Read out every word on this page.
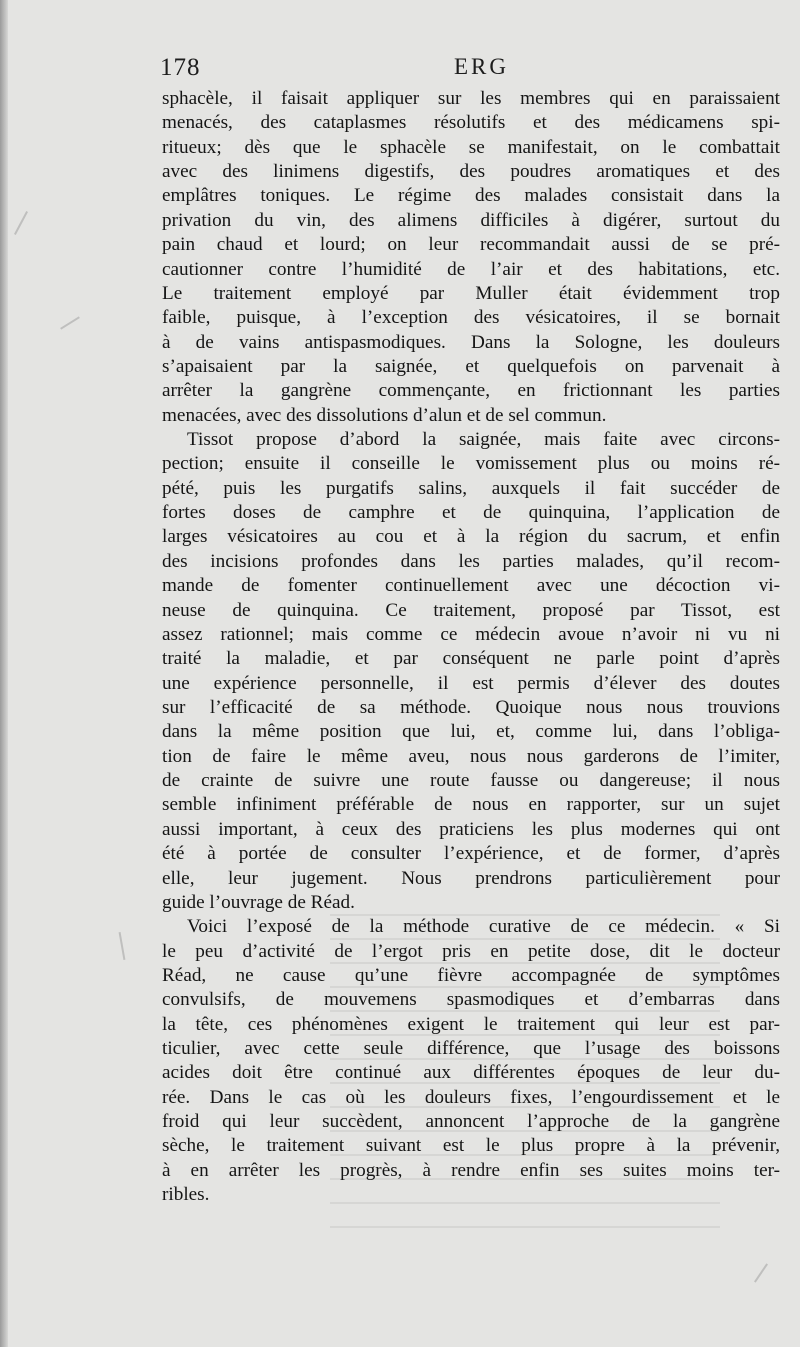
178	ERG

sphacèle, il faisait appliquer sur les membres qui en paraissaient
menacés, des cataplasmes résolutifs et des médicamens spi-
ritueux; dès que le sphacèle se manifestait, on le combattait
avec des linimens digestifs, des poudres aromatiques et des
emplâtres toniques. Le régime des malades consistait dans la
privation du vin, des alimens difficiles à digérer, surtout du
pain chaud et lourd; on leur recommandait aussi de se pré-
cautionner contre l’humidité de l’air et des habitations, etc.
Le traitement employé par Muller était évidemment trop
faible, puisque, à l’exception des vésicatoires, il se bornait
à de vains antispasmodiques. Dans la Sologne, les douleurs
s’apaisaient par la saignée, et quelquefois on parvenait à
arrêter la gangrène commençante, en frictionnant les parties
menacées, avec des dissolutions d’alun et de sel commun.

Tissot propose d’abord la saignée, mais faite avec circons-
pection; ensuite il conseille le vomissement plus ou moins ré-
pété, puis les purgatifs salins, auxquels il fait succéder de
fortes doses de camphre et de quinquina, l’application de
larges vésicatoires au cou et à la région du sacrum, et enfin
des incisions profondes dans les parties malades, qu’il recom-
mande de fomenter continuellement avec une décoction vi-
neuse de quinquina. Ce traitement, proposé par Tissot, est
assez rationnel; mais comme ce médecin avoue n’avoir ni vu ni
traité la maladie, et par conséquent ne parle point d’après
une expérience personnelle, il est permis d’élever des doutes
sur l’efficacité de sa méthode. Quoique nous nous trouvions
dans la même position que lui, et, comme lui, dans l’obliga-
tion de faire le même aveu, nous nous garderons de l’imiter,
de crainte de suivre une route fausse ou dangereuse; il nous
semble infiniment préférable de nous en rapporter, sur un sujet
aussi important, à ceux des praticiens les plus modernes qui ont
été à portée de consulter l’expérience, et de former, d’après
elle, leur jugement. Nous prendrons particulièrement pour
guide l’ouvrage de Réad.

Voici l’exposé de la méthode curative de ce médecin. « Si
le peu d’activité de l’ergot pris en petite dose, dit le docteur
Réad, ne cause qu’une fièvre accompagnée de symptômes
convulsifs, de mouvemens spasmodiques et d’embarras dans
la tête, ces phénomènes exigent le traitement qui leur est par-
ticulier, avec cette seule différence, que l’usage des boissons
acides doit être continué aux différentes époques de leur du-
rée. Dans le cas où les douleurs fixes, l’engourdissement et le
froid qui leur succèdent, annoncent l’approche de la gangrène
sèche, le traitement suivant est le plus propre à la prévenir,
à en arrêter les progrès, à rendre enfin ses suites moins ter-
ribles.
